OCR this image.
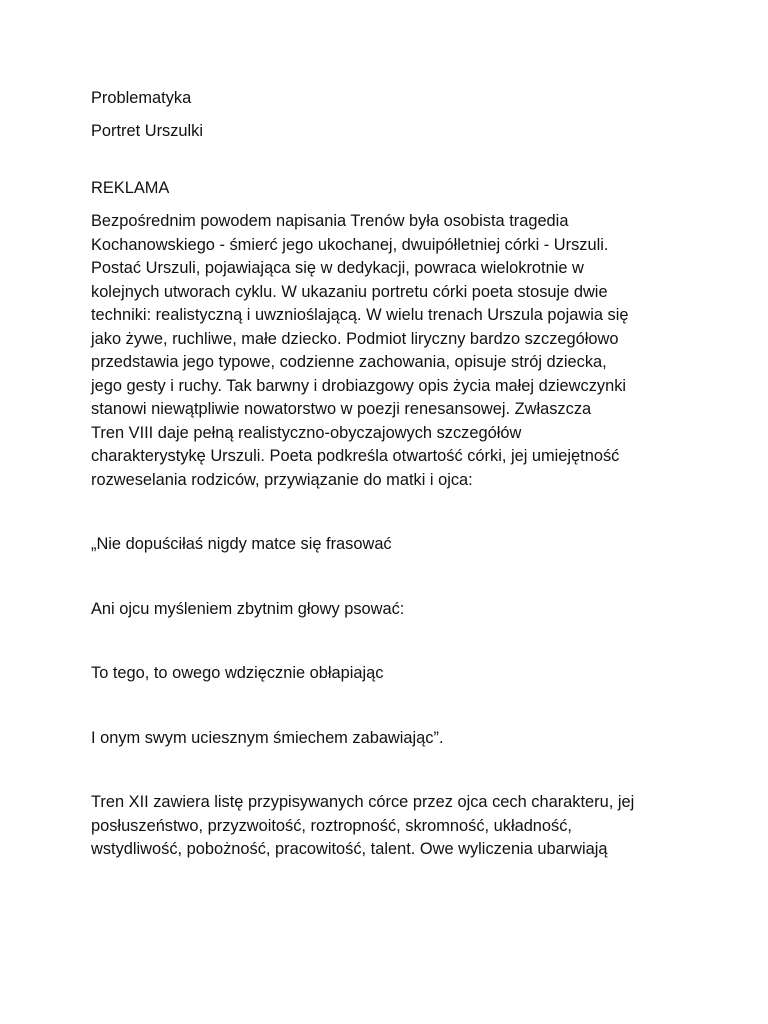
Problematyka

Portret Urszulki

REKLAMA

Bezpośrednim powodem napisania Trenów była osobista tragedia

Kochanowskiego - śmierć jego ukochanej, dwuipółletniej córki - Urszuli.

Postać Urszuli, pojawiająca się w dedykacji, powraca wielokrotnie w

kolejnych utworach cyklu. W ukazaniu portretu córki poeta stosuje dwie

techniki: realistyczną i uwznioślającą. W wielu trenach Urszula pojawia się

jako żywe, ruchliwe, małe dziecko. Podmiot liryczny bardzo szczegółowo

przedstawia jego typowe, codzienne zachowania, opisuje strój dziecka,

jego gesty i ruchy. Tak barwny i drobiazgowy opis życia małej dziewczynki

stanowi niewątpliwie nowatorstwo w poezji renesansowej. Zwłaszcza

Tren VIII daje pełną realistyczno-obyczajowych szczegółów

charakterystykę Urszuli. Poeta podkreśla otwartość córki, jej umiejętność

rozweselania rodziców, przywiązanie do matki i ojca:

„Nie dopuściłaś nigdy matce się frasować

Ani ojcu myśleniem zbytnim głowy psować:

To tego, to owego wdzięcznie obłapiając

I onym swym uciesznym śmiechem zabawiając”.

Tren XII zawiera listę przypisywanych córce przez ojca cech charakteru, jej

posłuszeństwo, przyzwoitość, roztropność, skromność, układność,

wstydliwość, pobożność, pracowitość, talent. Owe wyliczenia ubarwiają
